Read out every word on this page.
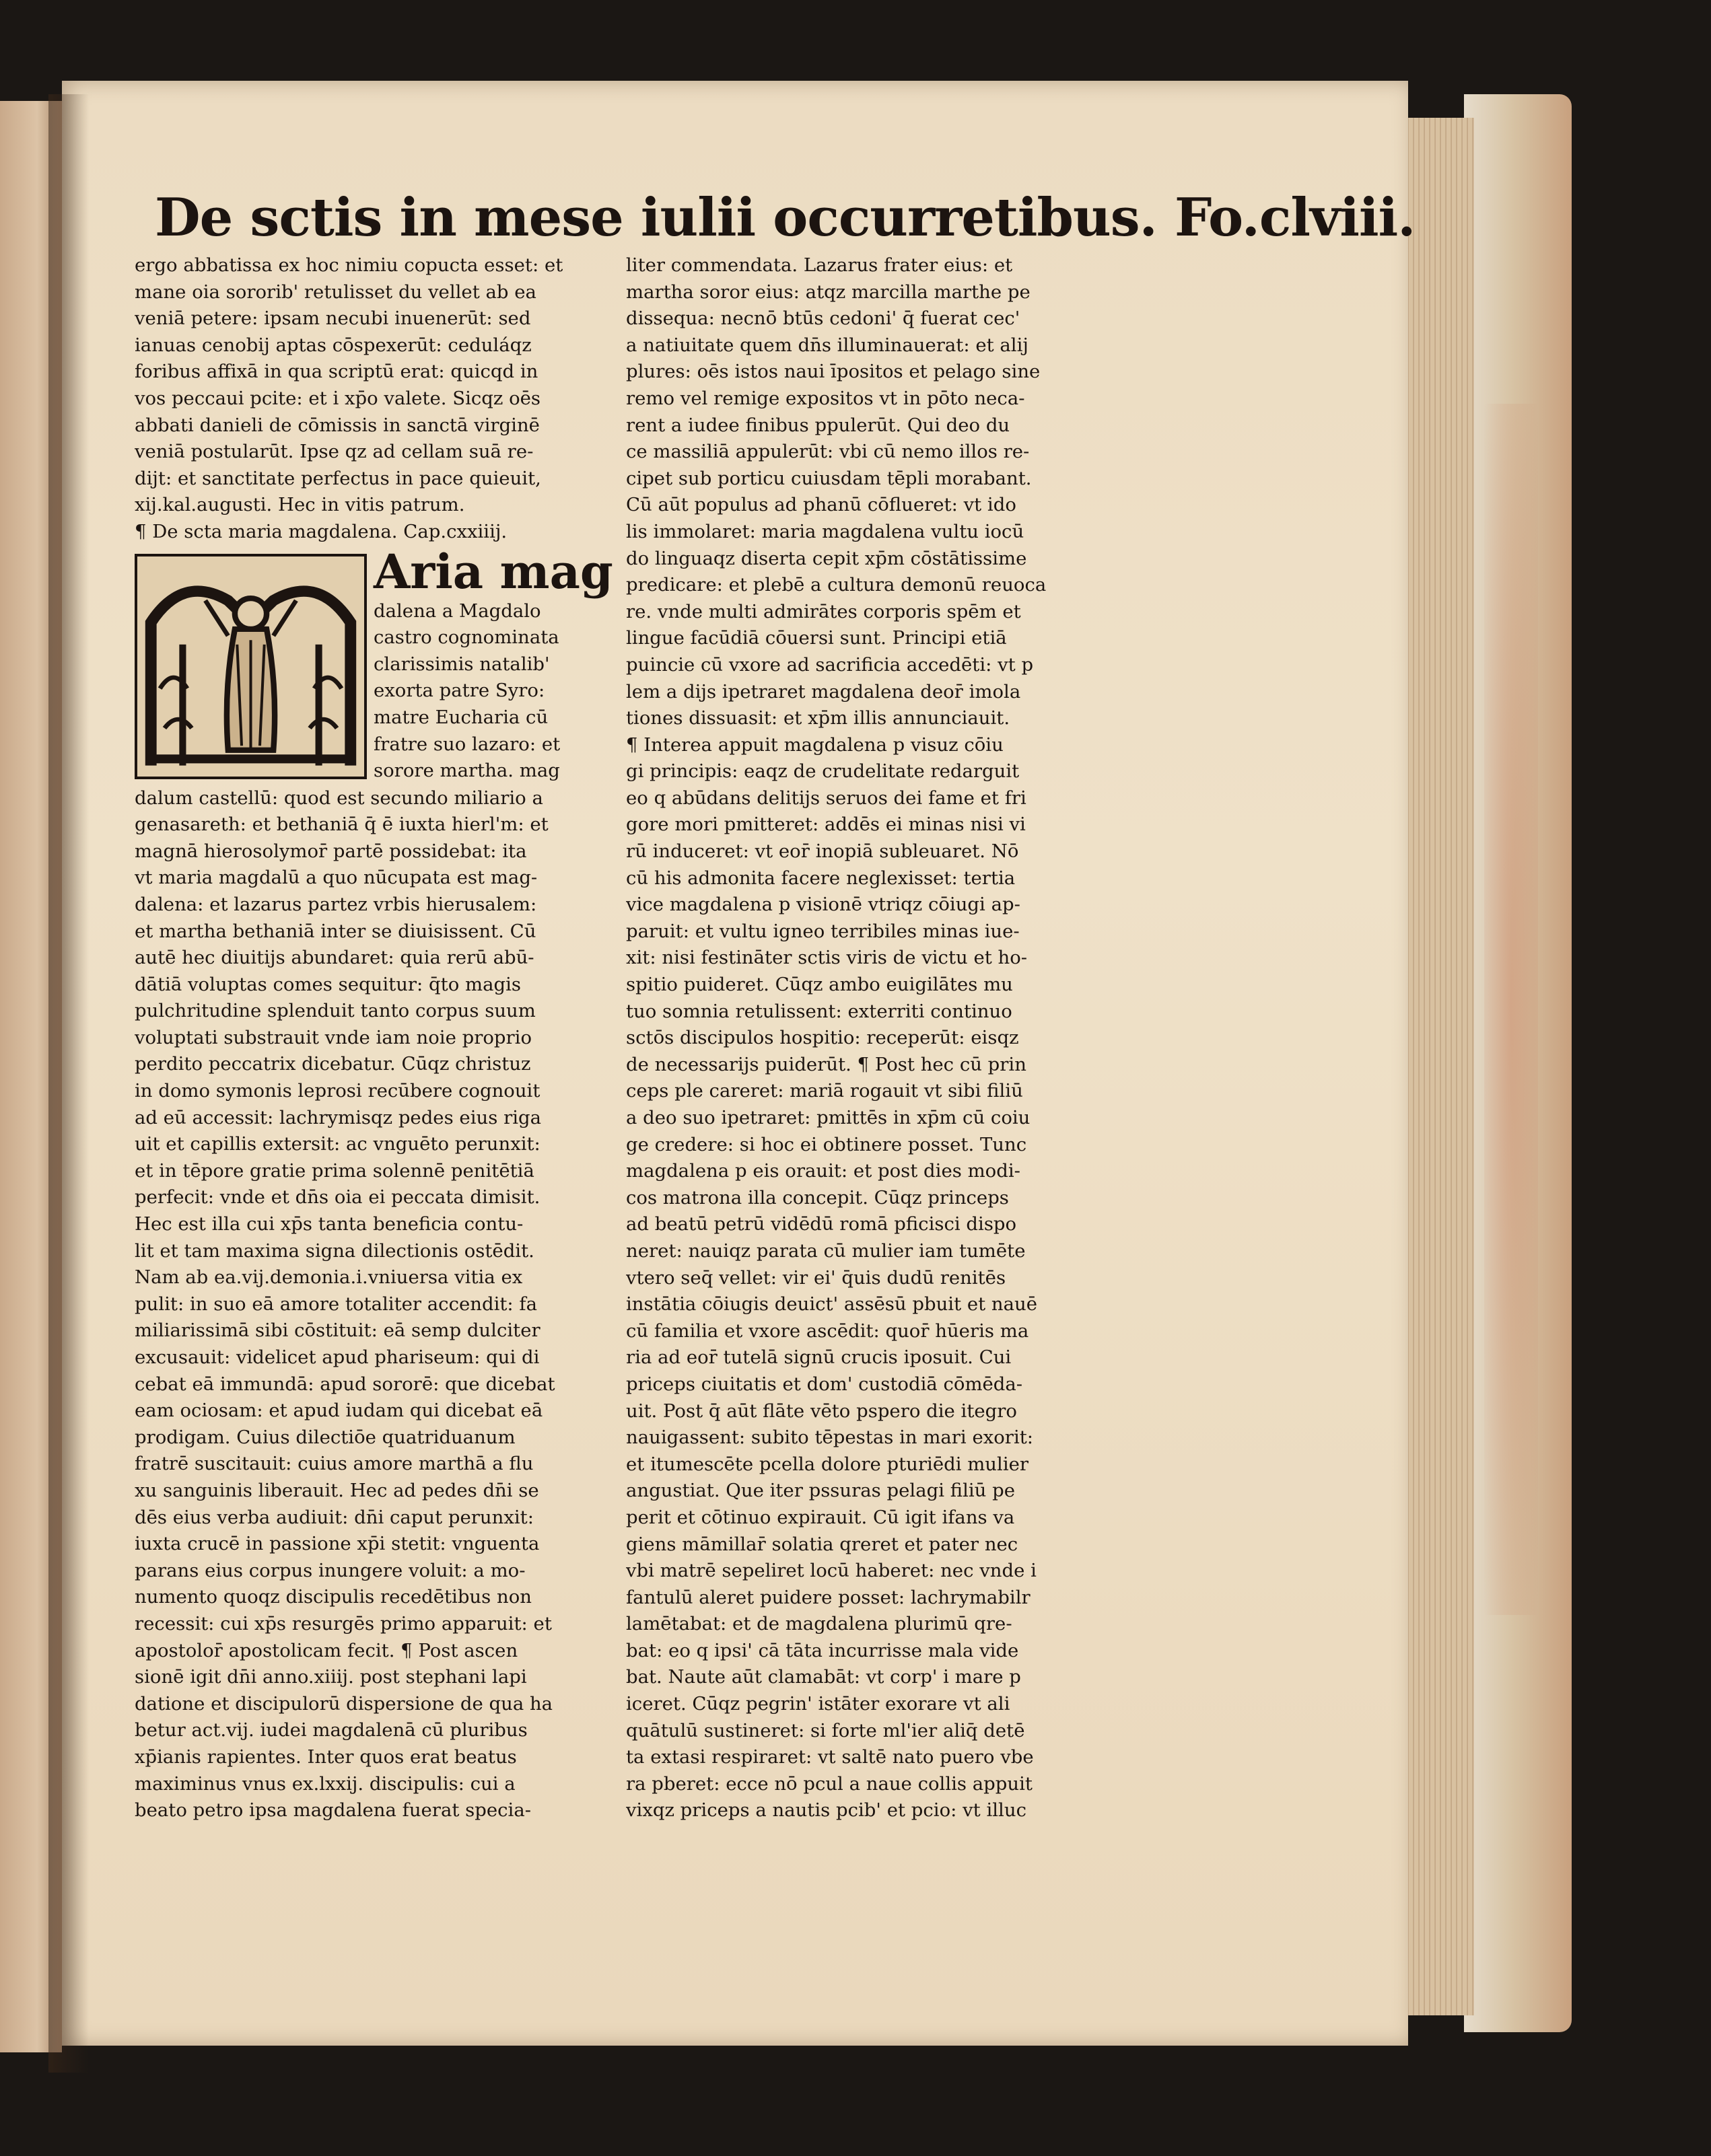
De sctis in mese iulii occurretibus. Fo.clviii.
ergo abbatissa ex hoc nimiu copucta esset: et
mane oia sororib' retulisset du vellet ab ea
veniā petere: ipsam necubi inuenerūt: sed
ianuas cenobij aptas cōspexerūt: ceduláqz
foribus affixā in qua scriptū erat: quicqd in
vos peccaui pcite: et i xp̄o valete. Sicqz oēs
abbati danieli de cōmissis in sanctā virginē
veniā postularūt. Ipse qz ad cellam suā re-
dijt: et sanctitate perfectus in pace quieuit,
xij.kal.augusti. Hec in vitis patrum.
¶ De scta maria magdalena. Cap.cxxiiij.
Aria mag
dalena a Magdalo
castro cognominata
clarissimis natalib'
exorta patre Syro:
matre Eucharia cū
fratre suo lazaro: et
sorore martha. mag
dalum castellū: quod est secundo miliario a
genasareth: et bethaniā q̄ ē iuxta hierl'm: et
magnā hierosolymor̄ partē possidebat: ita
vt maria magdalū a quo nūcupata est mag-
dalena: et lazarus partez vrbis hierusalem:
et martha bethaniā inter se diuisissent. Cū
autē hec diuitijs abundaret: quia rerū abū-
dātiā voluptas comes sequitur: q̄to magis
pulchritudine splenduit tanto corpus suum
voluptati substrauit vnde iam noie proprio
perdito peccatrix dicebatur. Cūqz christuz
in domo symonis leprosi recūbere cognouit
ad eū accessit: lachrymisqz pedes eius riga
uit et capillis extersit: ac vnguēto perunxit:
et in tēpore gratie prima solennē penitētiā
perfecit: vnde et dn̄s oia ei peccata dimisit.
Hec est illa cui xp̄s tanta beneficia contu-
lit et tam maxima signa dilectionis ostēdit.
Nam ab ea.vij.demonia.i.vniuersa vitia ex
pulit: in suo eā amore totaliter accendit: fa
miliarissimā sibi cōstituit: eā semp dulciter
excusauit: videlicet apud phariseum: qui di
cebat eā immundā: apud sororē: que dicebat
eam ociosam: et apud iudam qui dicebat eā
prodigam. Cuius dilectiōe quatriduanum
fratrē suscitauit: cuius amore marthā a flu
xu sanguinis liberauit. Hec ad pedes dn̄i se
dēs eius verba audiuit: dn̄i caput perunxit:
iuxta crucē in passione xp̄i stetit: vnguenta
parans eius corpus inungere voluit: a mo-
numento quoqz discipulis recedētibus non
recessit: cui xp̄s resurgēs primo apparuit: et
apostolor̄ apostolicam fecit. ¶ Post ascen
sionē igit dn̄i anno.xiiij. post stephani lapi
datione et discipulorū dispersione de qua ha
betur act.vij. iudei magdalenā cū pluribus
xp̄ianis rapientes. Inter quos erat beatus
maximinus vnus ex.lxxij. discipulis: cui a
beato petro ipsa magdalena fuerat specia-
liter commendata. Lazarus frater eius: et
martha soror eius: atqz marcilla marthe pe
dissequa: necnō btūs cedoni' q̄ fuerat cec'
a natiuitate quem dn̄s illuminauerat: et alij
plures: oēs istos naui īpositos et pelago sine
remo vel remige expositos vt in pōto neca-
rent a iudee finibus ppulerūt. Qui deo du
ce massiliā appulerūt: vbi cū nemo illos re-
cipet sub porticu cuiusdam tēpli morabant.
Cū aūt populus ad phanū cōflueret: vt ido
lis immolaret: maria magdalena vultu iocū
do linguaqz diserta cepit xp̄m cōstātissime
predicare: et plebē a cultura demonū reuoca
re. vnde multi admirātes corporis spēm et
lingue facūdiā cōuersi sunt. Principi etiā
puincie cū vxore ad sacrificia accedēti: vt p
lem a dijs ipetraret magdalena deor̄ imola
tiones dissuasit: et xp̄m illis annunciauit.
¶ Interea appuit magdalena p visuz cōiu
gi principis: eaqz de crudelitate redarguit
eo q abūdans delitijs seruos dei fame et fri
gore mori pmitteret: addēs ei minas nisi vi
rū induceret: vt eor̄ inopiā subleuaret. Nō
cū his admonita facere neglexisset: tertia
vice magdalena p visionē vtriqz cōiugi ap-
paruit: et vultu igneo terribiles minas iue-
xit: nisi festināter sctis viris de victu et ho-
spitio puideret. Cūqz ambo euigilātes mu
tuo somnia retulissent: exterriti continuo
sctōs discipulos hospitio: receperūt: eisqz
de necessarijs puiderūt. ¶ Post hec cū prin
ceps ple careret: mariā rogauit vt sibi filiū
a deo suo ipetraret: pmittēs in xp̄m cū coiu
ge credere: si hoc ei obtinere posset. Tunc
magdalena p eis orauit: et post dies modi-
cos matrona illa concepit. Cūqz princeps
ad beatū petrū vidēdū romā pficisci dispo
neret: nauiqz parata cū mulier iam tumēte
vtero seq̄ vellet: vir ei' q̄uis dudū renitēs
instātia cōiugis deuict' assēsū pbuit et nauē
cū familia et vxore ascēdit: quor̄ hūeris ma
ria ad eor̄ tutelā signū crucis iposuit. Cui
priceps ciuitatis et dom' custodiā cōmēda-
uit. Post q̄ aūt flāte vēto pspero die itegro
nauigassent: subito tēpestas in mari exorit:
et itumescēte pcella dolore pturiēdi mulier
angustiat. Que iter pssuras pelagi filiū pe
perit et cōtinuo expirauit. Cū igit ifans va
giens māmillar̄ solatia qreret et pater nec
vbi matrē sepeliret locū haberet: nec vnde i
fantulū aleret puidere posset: lachrymabilr
lamētabat: et de magdalena plurimū qre-
bat: eo q ipsi' cā tāta incurrisse mala vide
bat. Naute aūt clamabāt: vt corp' i mare p
iceret. Cūqz pegrin' istāter exorare vt ali
quātulū sustineret: si forte ml'ier aliq̄ detē
ta extasi respiraret: vt saltē nato puero vbe
ra pberet: ecce nō pcul a naue collis appuit
vixqz priceps a nautis pcib' et pcio: vt illuc
